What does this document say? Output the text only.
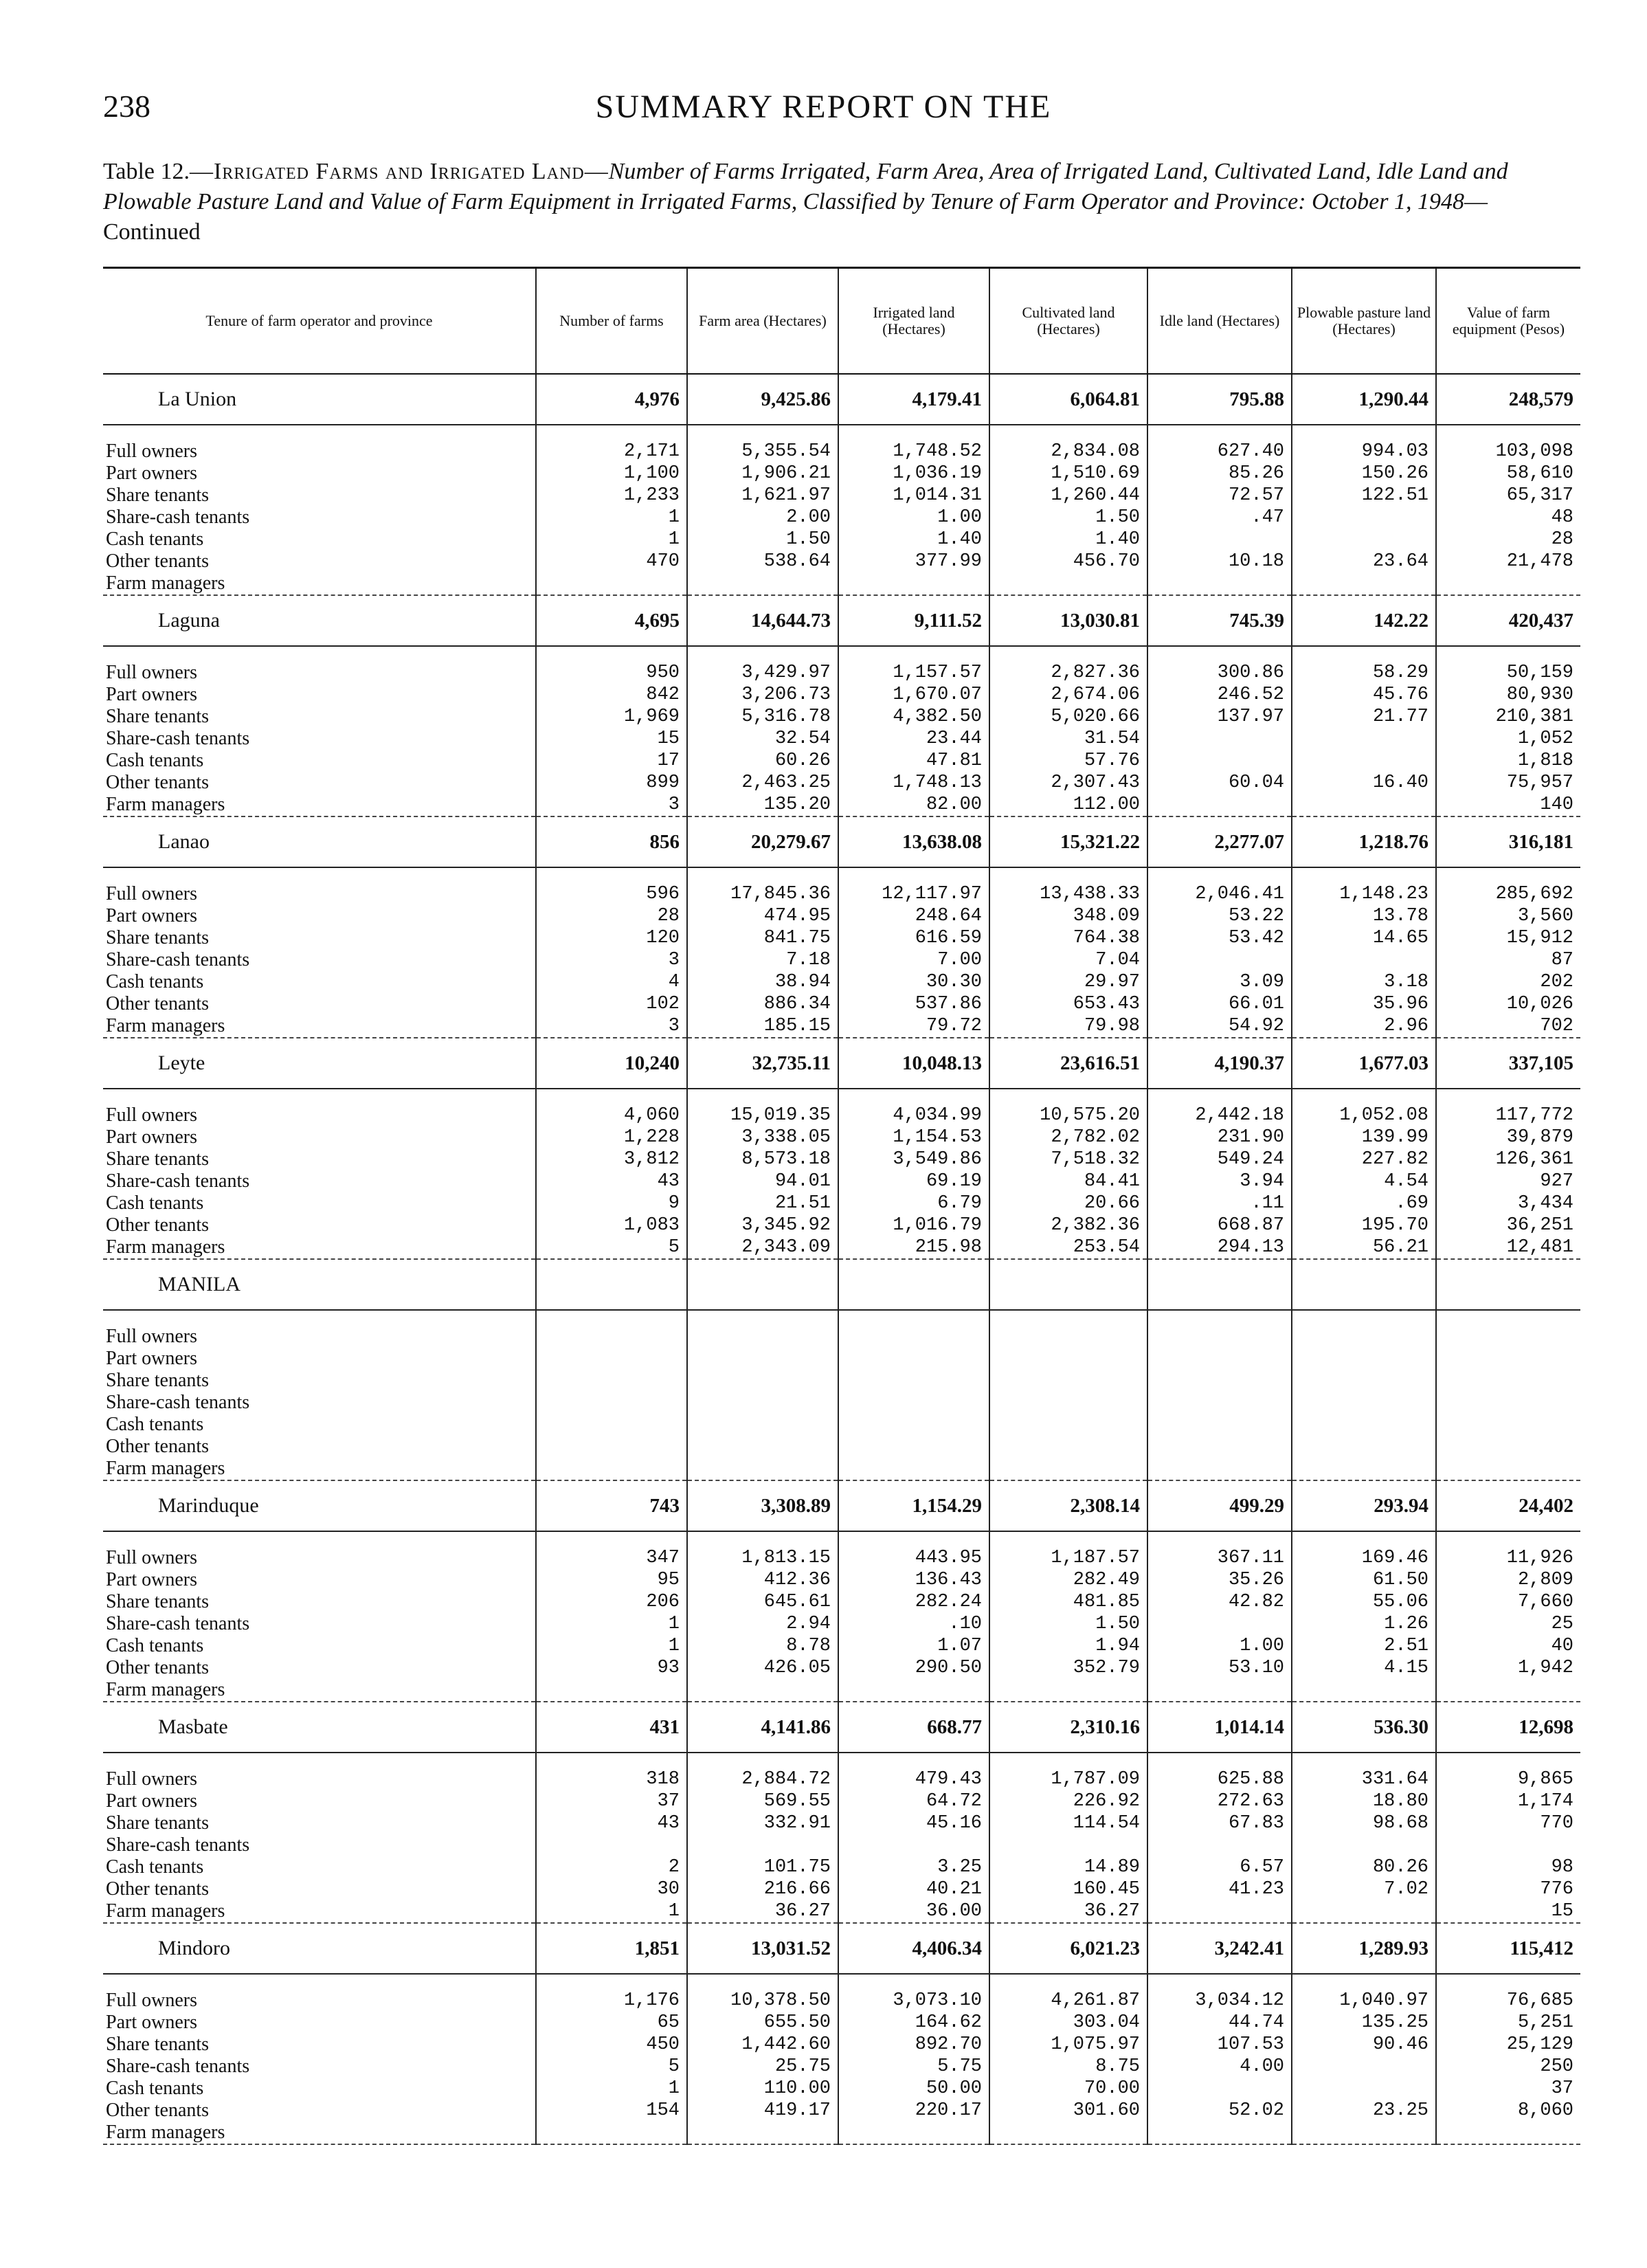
238	SUMMARY REPORT ON THE
Table 12.—Irrigated Farms and Irrigated Land—Number of Farms Irrigated, Farm Area, Area of Irrigated Land, Cultivated Land, Idle Land and Plowable Pasture Land and Value of Farm Equipment in Irrigated Farms, Classified by Tenure of Farm Operator and Province: October 1, 1948—Continued
Tenure of farm operator and province	Number of farms	Farm area (Hectares)	Irrigated land (Hectares)	Cultivated land (Hectares)	Idle land (Hectares)	Plowable pasture land (Hectares)	Value of farm equipment (Pesos)
La Union	4,976	9,425.86	4,179.41	6,064.81	795.88	1,290.44	248,579

Full owners	2,171	5,355.54	1,748.52	2,834.08	627.40	994.03	103,098
Part owners	1,100	1,906.21	1,036.19	1,510.69	85.26	150.26	58,610
Share tenants	1,233	1,621.97	1,014.31	1,260.44	72.57	122.51	65,317
Share-cash tenants	1	2.00	1.00	1.50	.47		48
Cash tenants	1	1.50	1.40	1.40			28
Other tenants	470	538.64	377.99	456.70	10.18	23.64	21,478
Farm managers							
Laguna	4,695	14,644.73	9,111.52	13,030.81	745.39	142.22	420,437

Full owners	950	3,429.97	1,157.57	2,827.36	300.86	58.29	50,159
Part owners	842	3,206.73	1,670.07	2,674.06	246.52	45.76	80,930
Share tenants	1,969	5,316.78	4,382.50	5,020.66	137.97	21.77	210,381
Share-cash tenants	15	32.54	23.44	31.54			1,052
Cash tenants	17	60.26	47.81	57.76			1,818
Other tenants	899	2,463.25	1,748.13	2,307.43	60.04	16.40	75,957
Farm managers	3	135.20	82.00	112.00			140
Lanao	856	20,279.67	13,638.08	15,321.22	2,277.07	1,218.76	316,181

Full owners	596	17,845.36	12,117.97	13,438.33	2,046.41	1,148.23	285,692
Part owners	28	474.95	248.64	348.09	53.22	13.78	3,560
Share tenants	120	841.75	616.59	764.38	53.42	14.65	15,912
Share-cash tenants	3	7.18	7.00	7.04			87
Cash tenants	4	38.94	30.30	29.97	3.09	3.18	202
Other tenants	102	886.34	537.86	653.43	66.01	35.96	10,026
Farm managers	3	185.15	79.72	79.98	54.92	2.96	702
Leyte	10,240	32,735.11	10,048.13	23,616.51	4,190.37	1,677.03	337,105

Full owners	4,060	15,019.35	4,034.99	10,575.20	2,442.18	1,052.08	117,772
Part owners	1,228	3,338.05	1,154.53	2,782.02	231.90	139.99	39,879
Share tenants	3,812	8,573.18	3,549.86	7,518.32	549.24	227.82	126,361
Share-cash tenants	43	94.01	69.19	84.41	3.94	4.54	927
Cash tenants	9	21.51	6.79	20.66	.11	.69	3,434
Other tenants	1,083	3,345.92	1,016.79	2,382.36	668.87	195.70	36,251
Farm managers	5	2,343.09	215.98	253.54	294.13	56.21	12,481
MANILA							

Full owners							
Part owners							
Share tenants							
Share-cash tenants							
Cash tenants							
Other tenants							
Farm managers							
Marinduque	743	3,308.89	1,154.29	2,308.14	499.29	293.94	24,402

Full owners	347	1,813.15	443.95	1,187.57	367.11	169.46	11,926
Part owners	95	412.36	136.43	282.49	35.26	61.50	2,809
Share tenants	206	645.61	282.24	481.85	42.82	55.06	7,660
Share-cash tenants	1	2.94	.10	1.50		1.26	25
Cash tenants	1	8.78	1.07	1.94	1.00	2.51	40
Other tenants	93	426.05	290.50	352.79	53.10	4.15	1,942
Farm managers							
Masbate	431	4,141.86	668.77	2,310.16	1,014.14	536.30	12,698

Full owners	318	2,884.72	479.43	1,787.09	625.88	331.64	9,865
Part owners	37	569.55	64.72	226.92	272.63	18.80	1,174
Share tenants	43	332.91	45.16	114.54	67.83	98.68	770
Share-cash tenants							
Cash tenants	2	101.75	3.25	14.89	6.57	80.26	98
Other tenants	30	216.66	40.21	160.45	41.23	7.02	776
Farm managers	1	36.27	36.00	36.27			15
Mindoro	1,851	13,031.52	4,406.34	6,021.23	3,242.41	1,289.93	115,412

Full owners	1,176	10,378.50	3,073.10	4,261.87	3,034.12	1,040.97	76,685
Part owners	65	655.50	164.62	303.04	44.74	135.25	5,251
Share tenants	450	1,442.60	892.70	1,075.97	107.53	90.46	25,129
Share-cash tenants	5	25.75	5.75	8.75	4.00		250
Cash tenants	1	110.00	50.00	70.00			37
Other tenants	154	419.17	220.17	301.60	52.02	23.25	8,060
Farm managers							
